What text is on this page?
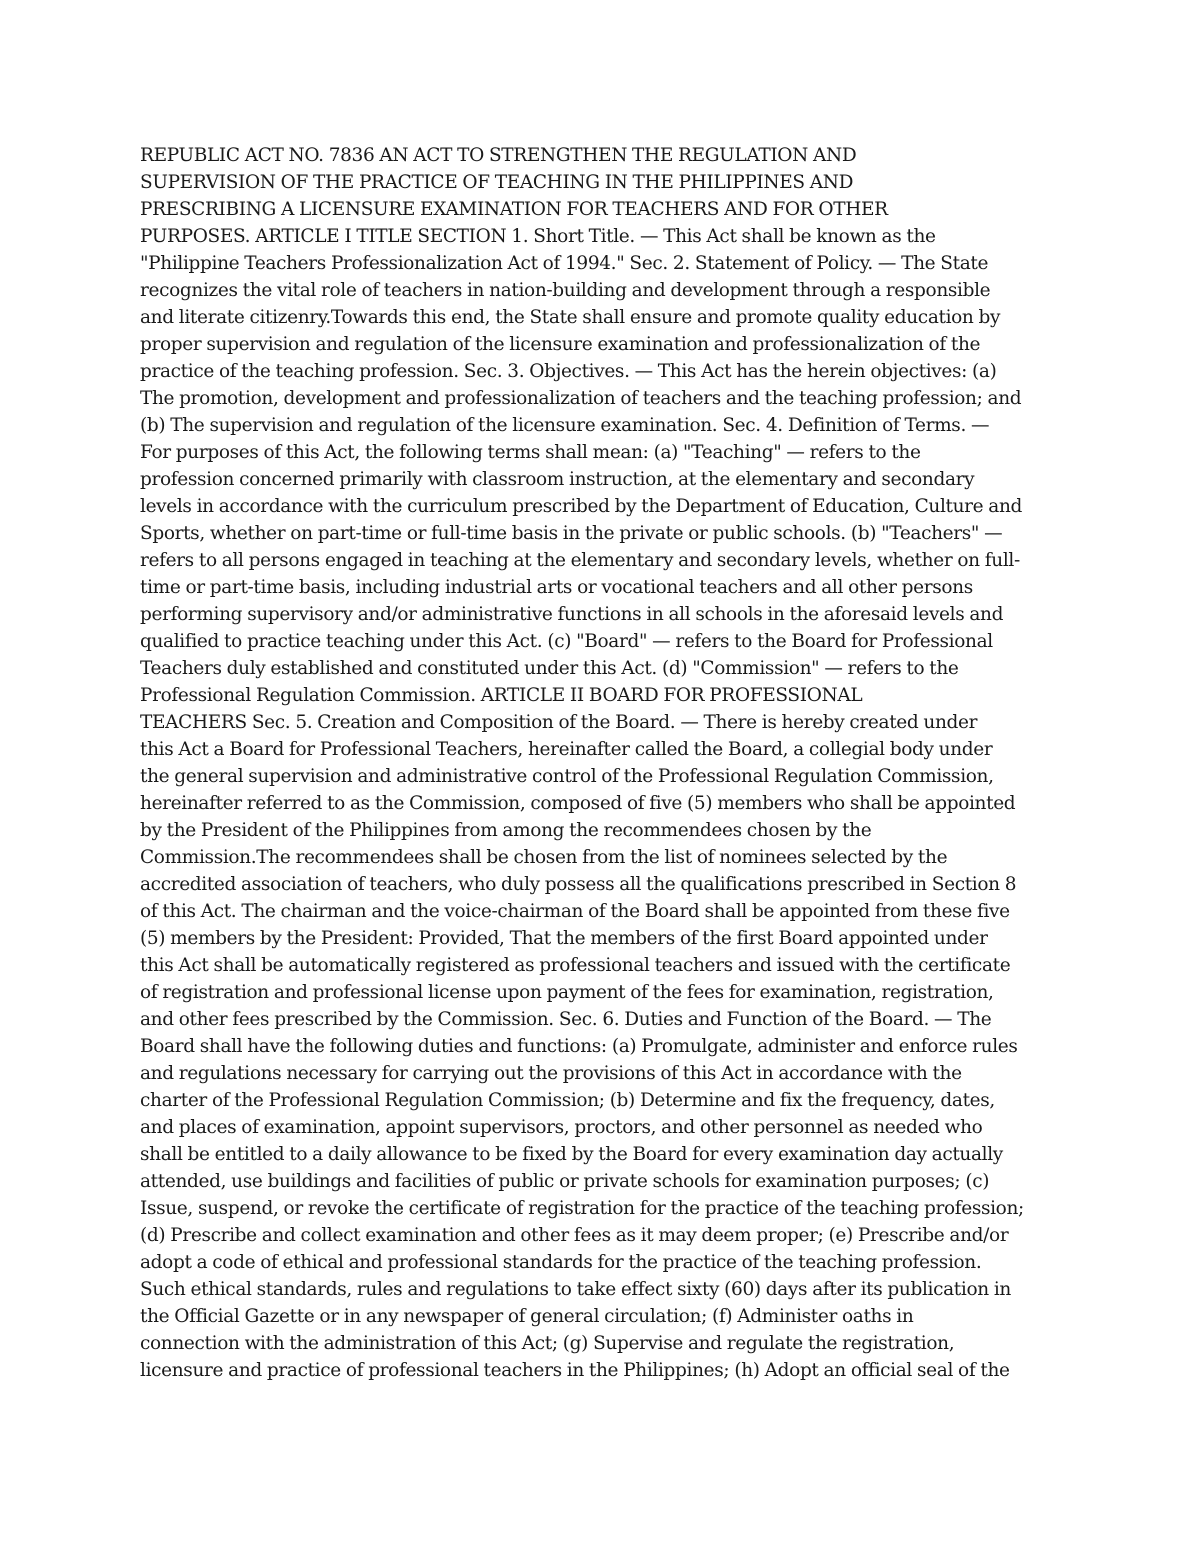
REPUBLIC ACT NO. 7836 AN ACT TO STRENGTHEN THE REGULATION AND
SUPERVISION OF THE PRACTICE OF TEACHING IN THE PHILIPPINES AND
PRESCRIBING A LICENSURE EXAMINATION FOR TEACHERS AND FOR OTHER
PURPOSES. ARTICLE I TITLE SECTION 1. Short Title. — This Act shall be known as the
"Philippine Teachers Professionalization Act of 1994." Sec. 2. Statement of Policy. — The State
recognizes the vital role of teachers in nation-building and development through a responsible
and literate citizenry.Towards this end, the State shall ensure and promote quality education by
proper supervision and regulation of the licensure examination and professionalization of the
practice of the teaching profession. Sec. 3. Objectives. — This Act has the herein objectives: (a)
The promotion, development and professionalization of teachers and the teaching profession; and
(b) The supervision and regulation of the licensure examination. Sec. 4. Definition of Terms. —
For purposes of this Act, the following terms shall mean: (a) "Teaching" — refers to the
profession concerned primarily with classroom instruction, at the elementary and secondary
levels in accordance with the curriculum prescribed by the Department of Education, Culture and
Sports, whether on part-time or full-time basis in the private or public schools. (b) "Teachers" —
refers to all persons engaged in teaching at the elementary and secondary levels, whether on full-
time or part-time basis, including industrial arts or vocational teachers and all other persons
performing supervisory and/or administrative functions in all schools in the aforesaid levels and
qualified to practice teaching under this Act. (c) "Board" — refers to the Board for Professional
Teachers duly established and constituted under this Act. (d) "Commission" — refers to the
Professional Regulation Commission. ARTICLE II BOARD FOR PROFESSIONAL
TEACHERS Sec. 5. Creation and Composition of the Board. — There is hereby created under
this Act a Board for Professional Teachers, hereinafter called the Board, a collegial body under
the general supervision and administrative control of the Professional Regulation Commission,
hereinafter referred to as the Commission, composed of five (5) members who shall be appointed
by the President of the Philippines from among the recommendees chosen by the
Commission.The recommendees shall be chosen from the list of nominees selected by the
accredited association of teachers, who duly possess all the qualifications prescribed in Section 8
of this Act. The chairman and the voice-chairman of the Board shall be appointed from these five
(5) members by the President: Provided, That the members of the first Board appointed under
this Act shall be automatically registered as professional teachers and issued with the certificate
of registration and professional license upon payment of the fees for examination, registration,
and other fees prescribed by the Commission. Sec. 6. Duties and Function of the Board. — The
Board shall have the following duties and functions: (a) Promulgate, administer and enforce rules
and regulations necessary for carrying out the provisions of this Act in accordance with the
charter of the Professional Regulation Commission; (b) Determine and fix the frequency, dates,
and places of examination, appoint supervisors, proctors, and other personnel as needed who
shall be entitled to a daily allowance to be fixed by the Board for every examination day actually
attended, use buildings and facilities of public or private schools for examination purposes; (c)
Issue, suspend, or revoke the certificate of registration for the practice of the teaching profession;
(d) Prescribe and collect examination and other fees as it may deem proper; (e) Prescribe and/or
adopt a code of ethical and professional standards for the practice of the teaching profession.
Such ethical standards, rules and regulations to take effect sixty (60) days after its publication in
the Official Gazette or in any newspaper of general circulation; (f) Administer oaths in
connection with the administration of this Act; (g) Supervise and regulate the registration,
licensure and practice of professional teachers in the Philippines; (h) Adopt an official seal of the
